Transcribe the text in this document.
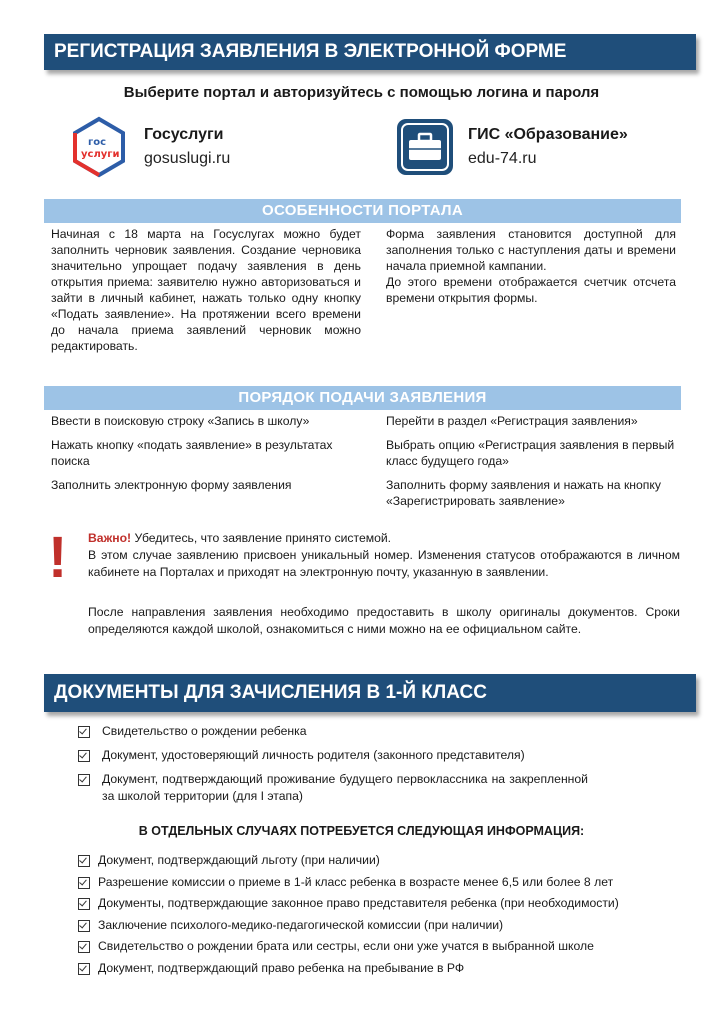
РЕГИСТРАЦИЯ ЗАЯВЛЕНИЯ В ЭЛЕКТРОННОЙ ФОРМЕ
Выберите портал и авторизуйтесь с помощью логина и пароля
гос
услуги
Госуслуги
gosuslugi.ru
ГИС «Образование»
edu-74.ru
ОСОБЕННОСТИ ПОРТАЛА
Начиная с 18 марта на Госуслугах можно будет заполнить черновик заявления. Создание черновика значительно упрощает подачу заявления в день открытия приема: заявителю нужно авторизоваться и зайти в личный кабинет, нажать только одну кнопку «Подать заявление». На протяжении всего времени до начала приема заявлений черновик можно редактировать.
Форма заявления становится доступной для заполнения только с наступления даты и времени начала приемной кампании.
До этого времени отображается счетчик отсчета времени открытия формы.
ПОРЯДОК ПОДАЧИ ЗАЯВЛЕНИЯ
Ввести в поисковую строку «Запись в школу»
Нажать кнопку «подать заявление» в результатах поиска
Заполнить электронную форму заявления
Перейти в раздел «Регистрация заявления»
Выбрать опцию «Регистрация заявления в первый класс будущего года»
Заполнить форму заявления и нажать на кнопку «Зарегистрировать заявление»
! Важно! Убедитесь, что заявление принято системой.
В этом случае заявлению присвоен уникальный номер. Изменения статусов отображаются в личном кабинете на Порталах и приходят на электронную почту, указанную в заявлении.
После направления заявления необходимо предоставить в школу оригиналы документов. Сроки определяются каждой школой, ознакомиться с ними можно на ее официальном сайте.
ДОКУМЕНТЫ ДЛЯ ЗАЧИСЛЕНИЯ В 1-Й КЛАСС
Свидетельство о рождении ребенка
Документ, удостоверяющий личность родителя (законного представителя)
Документ, подтверждающий проживание будущего первоклассника на закрепленной за школой территории (для I этапа)
В ОТДЕЛЬНЫХ СЛУЧАЯХ ПОТРЕБУЕТСЯ СЛЕДУЮЩАЯ ИНФОРМАЦИЯ:
Документ, подтверждающий льготу (при наличии)
Разрешение комиссии о приеме в 1-й класс ребенка в возрасте менее 6,5 или более 8 лет
Документы, подтверждающие законное право представителя ребенка (при необходимости)
Заключение психолого-медико-педагогической комиссии (при наличии)
Свидетельство о рождении брата или сестры, если они уже учатся в выбранной школе
Документ, подтверждающий право ребенка на пребывание в РФ
